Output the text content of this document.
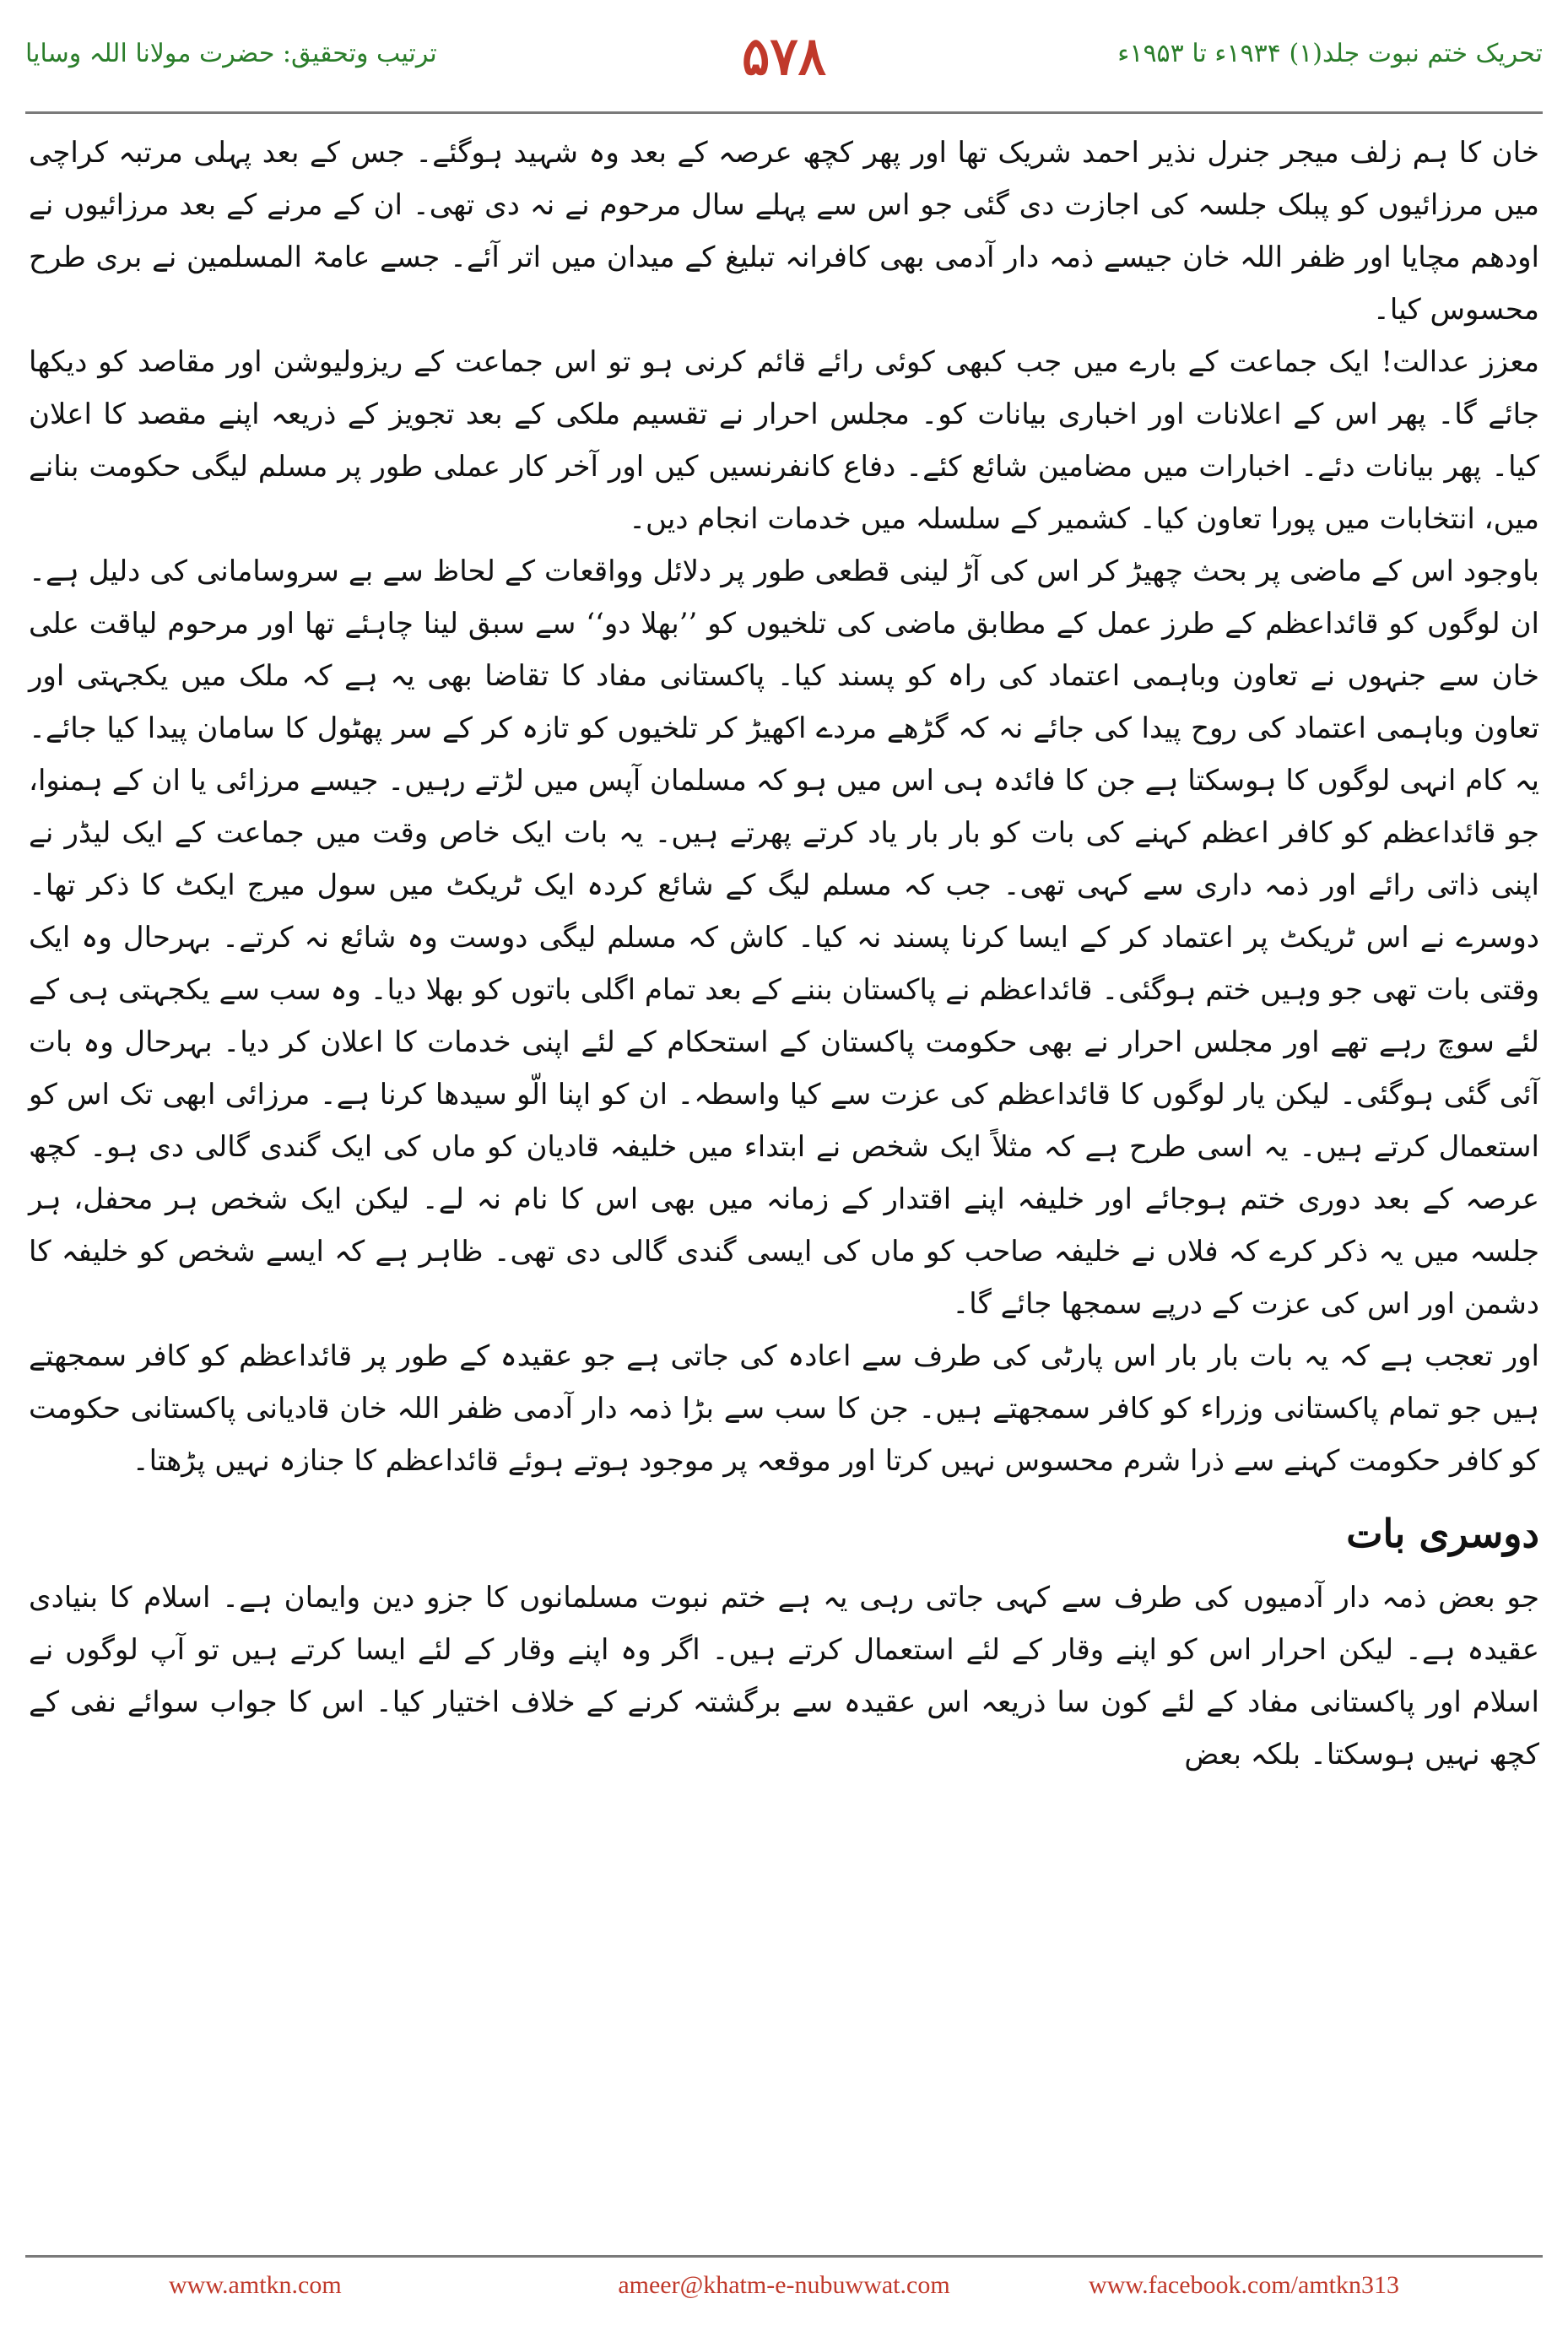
ترتیب وتحقیق: حضرت مولانا اللہ وسایا	۵۷۸	تحریک ختم نبوت جلد(۱) ۱۹۳۴ء تا ۱۹۵۳ء

خان کا ہم زلف میجر جنرل نذیر احمد شریک تھا اور پھر کچھ عرصہ کے بعد وہ شہید ہوگئے۔ جس کے بعد پہلی مرتبہ کراچی میں مرزائیوں کو پبلک جلسہ کی اجازت دی گئی جو اس سے پہلے سال مرحوم نے نہ دی تھی۔ ان کے مرنے کے بعد مرزائیوں نے اودھم مچایا اور ظفر اللہ خان جیسے ذمہ دار آدمی بھی کافرانہ تبلیغ کے میدان میں اتر آئے۔ جسے عامۃ المسلمین نے بری طرح محسوس کیا۔

معزز عدالت! ایک جماعت کے بارے میں جب کبھی کوئی رائے قائم کرنی ہو تو اس جماعت کے ریزولیوشن اور مقاصد کو دیکھا جائے گا۔ پھر اس کے اعلانات اور اخباری بیانات کو۔ مجلس احرار نے تقسیم ملکی کے بعد تجویز کے ذریعہ اپنے مقصد کا اعلان کیا۔ پھر بیانات دئے۔ اخبارات میں مضامین شائع کئے۔ دفاع کانفرنسیں کیں اور آخر کار عملی طور پر مسلم لیگی حکومت بنانے میں، انتخابات میں پورا تعاون کیا۔ کشمیر کے سلسلہ میں خدمات انجام دیں۔

باوجود اس کے ماضی پر بحث چھیڑ کر اس کی آڑ لینی قطعی طور پر دلائل وواقعات کے لحاظ سے بے سروسامانی کی دلیل ہے۔ ان لوگوں کو قائداعظم کے طرز عمل کے مطابق ماضی کی تلخیوں کو ’’بھلا دو‘‘ سے سبق لینا چاہئے تھا اور مرحوم لیاقت علی خان سے جنہوں نے تعاون وباہمی اعتماد کی راہ کو پسند کیا۔ پاکستانی مفاد کا تقاضا بھی یہ ہے کہ ملک میں یکجہتی اور تعاون وباہمی اعتماد کی روح پیدا کی جائے نہ کہ گڑھے مردے اکھیڑ کر تلخیوں کو تازہ کر کے سر پھٹول کا سامان پیدا کیا جائے۔ یہ کام انہی لوگوں کا ہوسکتا ہے جن کا فائدہ ہی اس میں ہو کہ مسلمان آپس میں لڑتے رہیں۔ جیسے مرزائی یا ان کے ہمنوا، جو قائداعظم کو کافر اعظم کہنے کی بات کو بار بار یاد کرتے پھرتے ہیں۔ یہ بات ایک خاص وقت میں جماعت کے ایک لیڈر نے اپنی ذاتی رائے اور ذمہ داری سے کہی تھی۔ جب کہ مسلم لیگ کے شائع کردہ ایک ٹریکٹ میں سول میرج ایکٹ کا ذکر تھا۔ دوسرے نے اس ٹریکٹ پر اعتماد کر کے ایسا کرنا پسند نہ کیا۔ کاش کہ مسلم لیگی دوست وہ شائع نہ کرتے۔ بہرحال وہ ایک وقتی بات تھی جو وہیں ختم ہوگئی۔ قائداعظم نے پاکستان بننے کے بعد تمام اگلی باتوں کو بھلا دیا۔ وہ سب سے یکجہتی ہی کے لئے سوچ رہے تھے اور مجلس احرار نے بھی حکومت پاکستان کے استحکام کے لئے اپنی خدمات کا اعلان کر دیا۔ بہرحال وہ بات آئی گئی ہوگئی۔ لیکن یار لوگوں کا قائداعظم کی عزت سے کیا واسطہ۔ ان کو اپنا الّو سیدھا کرنا ہے۔ مرزائی ابھی تک اس کو استعمال کرتے ہیں۔ یہ اسی طرح ہے کہ مثلاً ایک شخص نے ابتداء میں خلیفہ قادیان کو ماں کی ایک گندی گالی دی ہو۔ کچھ عرصہ کے بعد دوری ختم ہوجائے اور خلیفہ اپنے اقتدار کے زمانہ میں بھی اس کا نام نہ لے۔ لیکن ایک شخص ہر محفل، ہر جلسہ میں یہ ذکر کرے کہ فلاں نے خلیفہ صاحب کو ماں کی ایسی گندی گالی دی تھی۔ ظاہر ہے کہ ایسے شخص کو خلیفہ کا دشمن اور اس کی عزت کے درپے سمجھا جائے گا۔

اور تعجب ہے کہ یہ بات بار بار اس پارٹی کی طرف سے اعادہ کی جاتی ہے جو عقیدہ کے طور پر قائداعظم کو کافر سمجھتے ہیں جو تمام پاکستانی وزراء کو کافر سمجھتے ہیں۔ جن کا سب سے بڑا ذمہ دار آدمی ظفر اللہ خان قادیانی پاکستانی حکومت کو کافر حکومت کہنے سے ذرا شرم محسوس نہیں کرتا اور موقعہ پر موجود ہوتے ہوئے قائداعظم کا جنازہ نہیں پڑھتا۔

دوسری بات

جو بعض ذمہ دار آدمیوں کی طرف سے کہی جاتی رہی یہ ہے ختم نبوت مسلمانوں کا جزو دین وایمان ہے۔ اسلام کا بنیادی عقیدہ ہے۔ لیکن احرار اس کو اپنے وقار کے لئے استعمال کرتے ہیں۔ اگر وہ اپنے وقار کے لئے ایسا کرتے ہیں تو آپ لوگوں نے اسلام اور پاکستانی مفاد کے لئے کون سا ذریعہ اس عقیدہ سے برگشتہ کرنے کے خلاف اختیار کیا۔ اس کا جواب سوائے نفی کے کچھ نہیں ہوسکتا۔ بلکہ بعض

www.amtkn.com	ameer@khatm-e-nubuwwat.com	www.facebook.com/amtkn313
